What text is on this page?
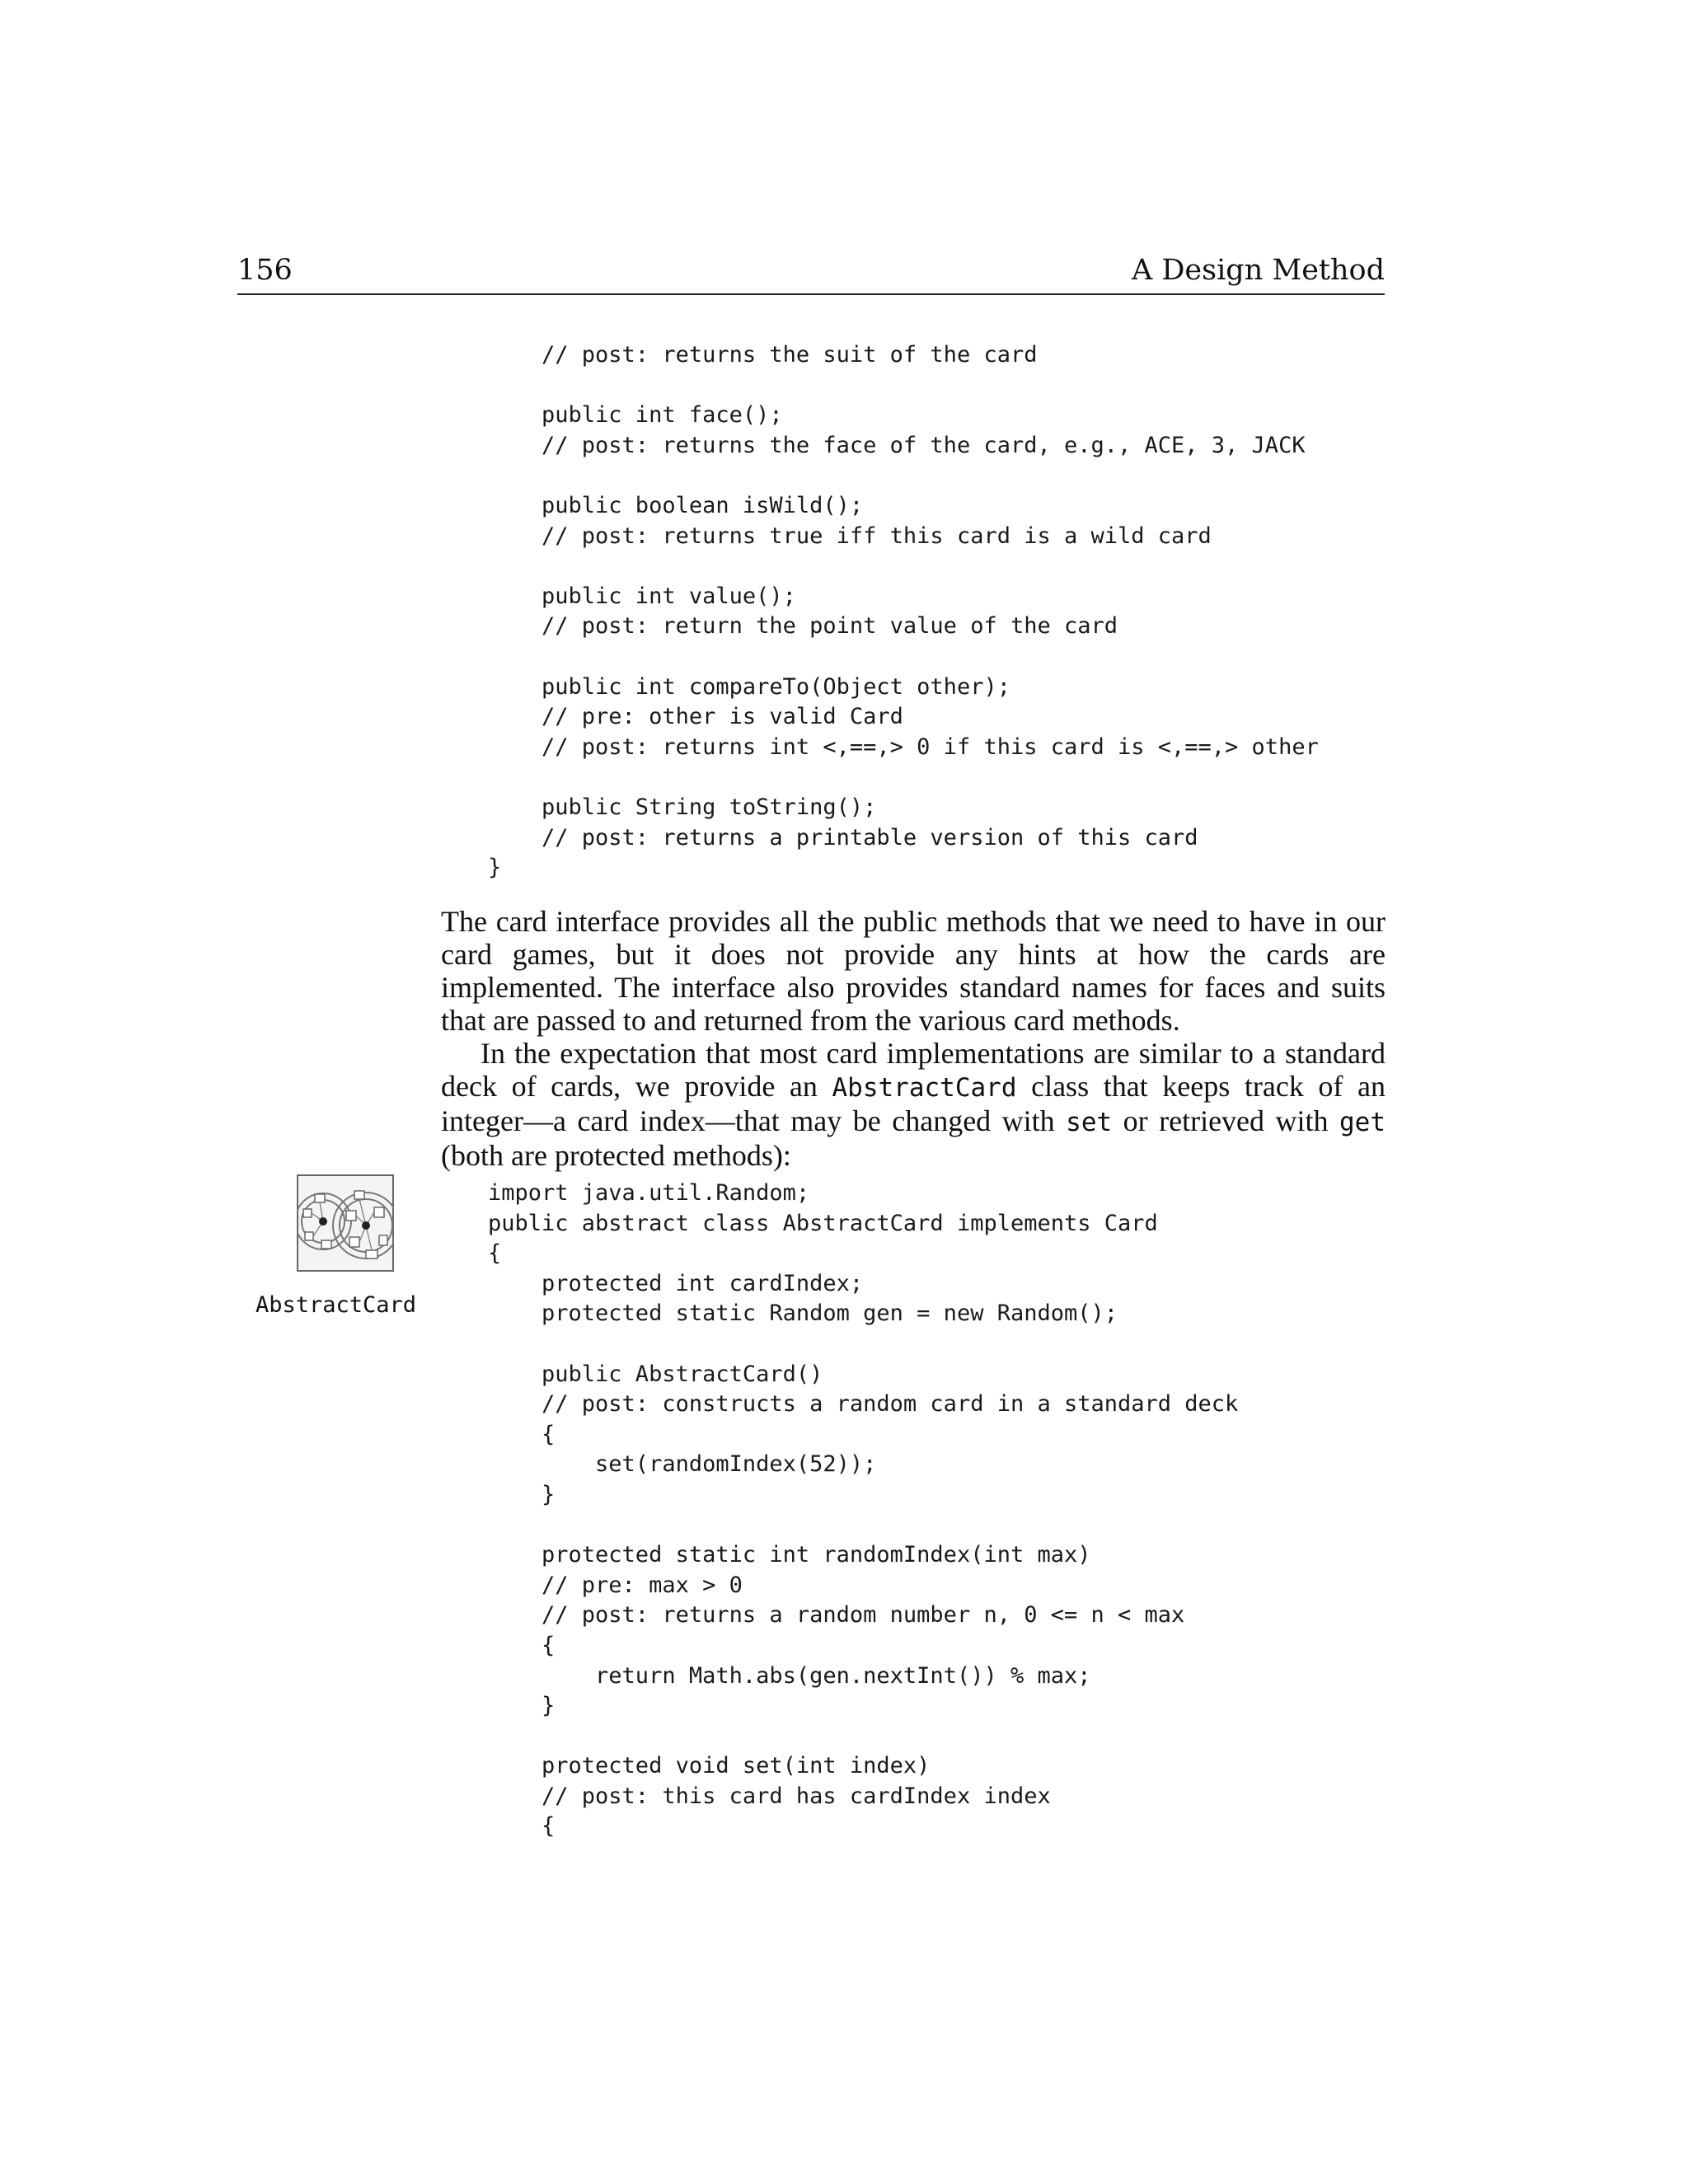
156	A Design Method
// post: returns the suit of the card

public int face();
// post: returns the face of the card, e.g., ACE, 3, JACK

public boolean isWild();
// post: returns true iff this card is a wild card

public int value();
// post: return the point value of the card

public int compareTo(Object other);
// pre: other is valid Card
// post: returns int <,==,> 0 if this card is <,==,> other

public String toString();
// post: returns a printable version of this card
}

The card interface provides all the public methods that we need to have in our card games, but it does not provide any hints at how the cards are implemented. The interface also provides standard names for faces and suits that are passed to and returned from the various card methods.

In the expectation that most card implementations are similar to a standard deck of cards, we provide an AbstractCard class that keeps track of an integer—a card index—that may be changed with set or retrieved with get (both are protected methods):

AbstractCard
import java.util.Random;
public abstract class AbstractCard implements Card
{
protected int cardIndex;
protected static Random gen = new Random();

public AbstractCard()
// post: constructs a random card in a standard deck
{
set(randomIndex(52));
}

protected static int randomIndex(int max)
// pre: max > 0
// post: returns a random number n, 0 <= n < max
{
return Math.abs(gen.nextInt()) % max;
}

protected void set(int index)
// post: this card has cardIndex index
{
